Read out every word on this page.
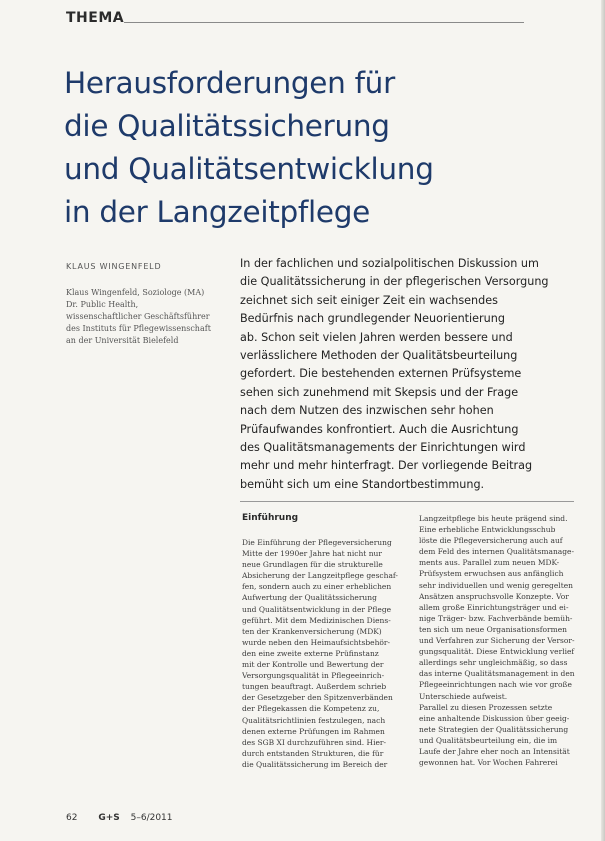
THEMA
Herausforderungen für
die Qualitätssicherung
und Qualitätsentwicklung
in der Langzeitpflege
KLAUS WINGENFELD
Klaus Wingenfeld, Soziologe (MA) Dr. Public Health, wissenschaftlicher Geschäftsführer des Instituts für Pflegewissenschaft an der Universität Bielefeld
In der fachlichen und sozialpolitischen Diskussion um
die Qualitätssicherung in der pflegerischen Versorgung
zeichnet sich seit einiger Zeit ein wachsendes
Bedürfnis nach grundlegender Neuorientierung
ab. Schon seit vielen Jahren werden bessere und
verlässlichere Methoden der Qualitätsbeurteilung
gefordert. Die bestehenden externen Prüfsysteme
sehen sich zunehmend mit Skepsis und der Frage
nach dem Nutzen des inzwischen sehr hohen
Prüfaufwandes konfrontiert. Auch die Ausrichtung
des Qualitätsmanagements der Einrichtungen wird
mehr und mehr hinterfragt. Der vorliegende Beitrag
bemüht sich um eine Standortbestimmung.
Einführung
Die Einführung der Pflegeversicherung
Mitte der 1990er Jahre hat nicht nur
neue Grundlagen für die strukturelle
Absicherung der Langzeitpflege geschaf-
fen, sondern auch zu einer erheblichen
Aufwertung der Qualitätssicherung
und Qualitätsentwicklung in der Pflege
geführt. Mit dem Medizinischen Diens-
ten der Krankenversicherung (MDK)
wurde neben den Heimaufsichtsbehör-
den eine zweite externe Prüfinstanz
mit der Kontrolle und Bewertung der
Versorgungsqualität in Pflegeeinrich-
tungen beauftragt. Außerdem schrieb
der Gesetzgeber den Spitzenverbänden
der Pflegekassen die Kompetenz zu,
Qualitätsrichtlinien festzulegen, nach
denen externe Prüfungen im Rahmen
des SGB XI durchzuführen sind. Hier-
durch entstanden Strukturen, die für
die Qualitätssicherung im Bereich der
Langzeitpflege bis heute prägend sind.
Eine erhebliche Entwicklungsschub
löste die Pflegeversicherung auch auf
dem Feld des internen Qualitätsmanage-
ments aus. Parallel zum neuen MDK-
Prüfsystem erwuchsen aus anfänglich
sehr individuellen und wenig geregelten
Ansätzen anspruchsvolle Konzepte. Vor
allem große Einrichtungsträger und ei-
nige Träger- bzw. Fachverbände bemüh-
ten sich um neue Organisationsformen
und Verfahren zur Sicherung der Versor-
gungsqualität. Diese Entwicklung verlief
allerdings sehr ungleichmäßig, so dass
das interne Qualitätsmanagement in den
Pflegeeinrichtungen nach wie vor große
Unterschiede aufweist.
Parallel zu diesen Prozessen setzte
eine anhaltende Diskussion über geeig-
nete Strategien der Qualitätssicherung
und Qualitätsbeurteilung ein, die im
Laufe der Jahre eher noch an Intensität
gewonnen hat. Vor Wochen Fahrerei
62 G+S 5–6/2011
